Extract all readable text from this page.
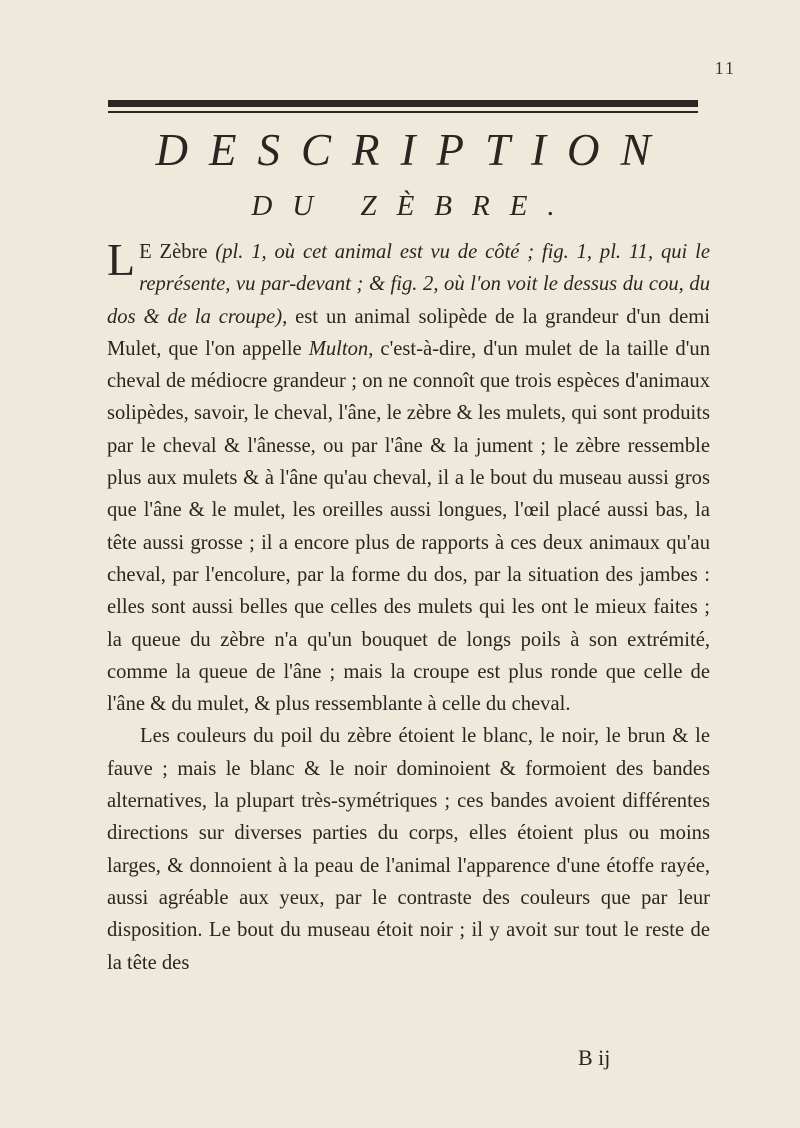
11
DESCRIPTION
DU ZÈBRE.

L E Zèbre (pl. 1, où cet animal est vu de côté ; fig. 1, pl. 11, qui le représente, vu par-devant ; & fig. 2, où l'on voit le dessus du cou, du dos & de la croupe), est un animal solipède de la grandeur d'un demi Mulet, que l'on appelle Multon, c'est-à-dire, d'un mulet de la taille d'un cheval de médiocre grandeur ; on ne connoît que trois espèces d'animaux solipèdes, savoir, le cheval, l'âne, le zèbre & les mulets, qui sont produits par le cheval & l'ânesse, ou par l'âne & la jument ; le zèbre ressemble plus aux mulets & à l'âne qu'au cheval, il a le bout du museau aussi gros que l'âne & le mulet, les oreilles aussi longues, l'œil placé aussi bas, la tête aussi grosse ; il a encore plus de rapports à ces deux animaux qu'au cheval, par l'encolure, par la forme du dos, par la situation des jambes : elles sont aussi belles que celles des mulets qui les ont le mieux faites ; la queue du zèbre n'a qu'un bouquet de longs poils à son extrémité, comme la queue de l'âne ; mais la croupe est plus ronde que celle de l'âne & du mulet, & plus ressemblante à celle du cheval.

Les couleurs du poil du zèbre étoient le blanc, le noir, le brun & le fauve ; mais le blanc & le noir dominoient & formoient des bandes alternatives, la plupart très-symétriques ; ces bandes avoient différentes directions sur diverses parties du corps, elles étoient plus ou moins larges, & donnoient à la peau de l'animal l'apparence d'une étoffe rayée, aussi agréable aux yeux, par le contraste des couleurs que par leur disposition. Le bout du museau étoit noir ; il y avoit sur tout le reste de la tête des

B ij
